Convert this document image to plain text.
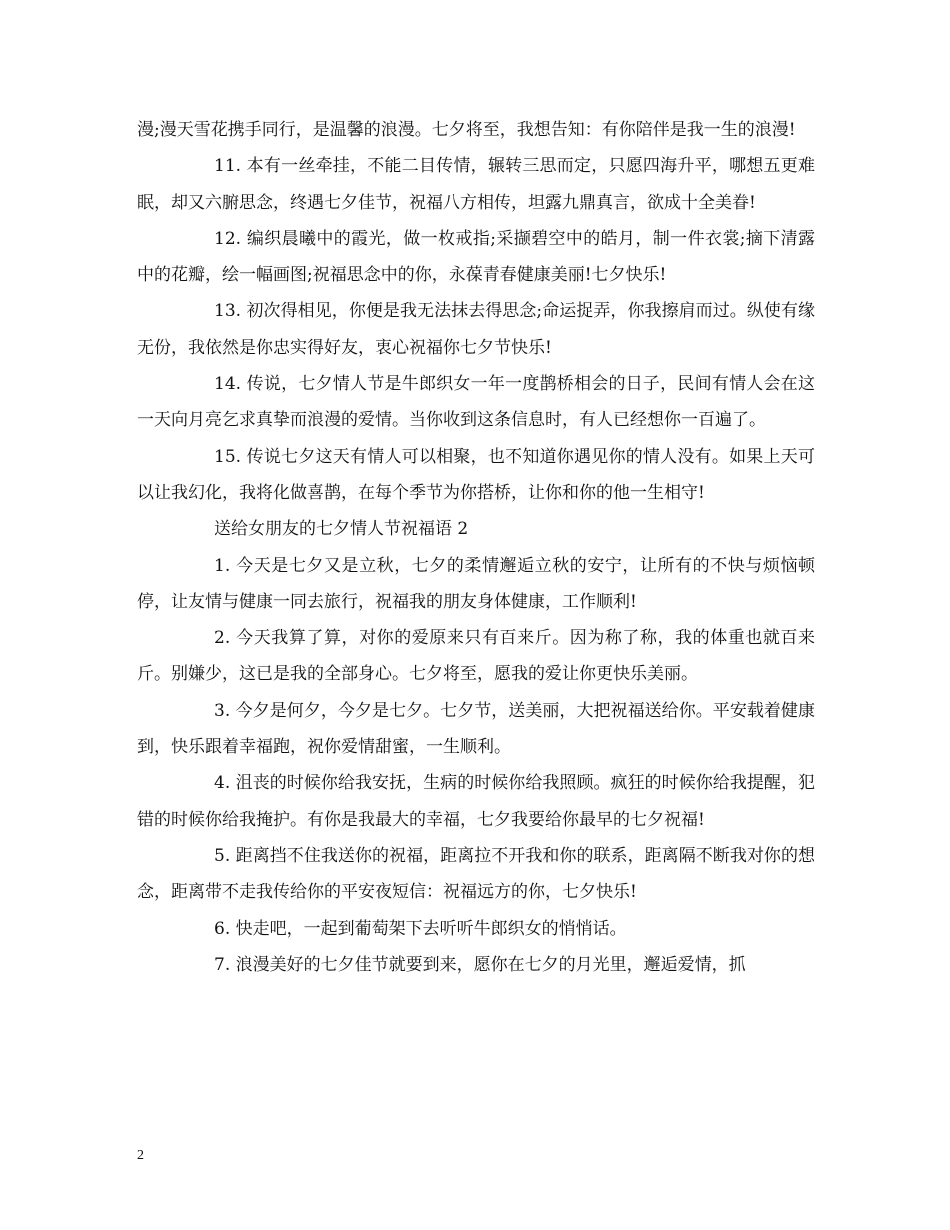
漫;漫天雪花携手同行，是温馨的浪漫。七夕将至，我想告知：有你陪伴是我一生的浪漫!

11. 本有一丝牵挂，不能二目传情，辗转三思而定，只愿四海升平，哪想五更难眠，却又六腑思念，终遇七夕佳节，祝福八方相传，坦露九鼎真言，欲成十全美眷!

12. 编织晨曦中的霞光，做一枚戒指;采撷碧空中的皓月，制一件衣裳;摘下清露中的花瓣，绘一幅画图;祝福思念中的你，永葆青春健康美丽!七夕快乐!

13. 初次得相见，你便是我无法抹去得思念;命运捉弄，你我擦肩而过。纵使有缘无份，我依然是你忠实得好友，衷心祝福你七夕节快乐!

14. 传说，七夕情人节是牛郎织女一年一度鹊桥相会的日子，民间有情人会在这一天向月亮乞求真挚而浪漫的爱情。当你收到这条信息时，有人已经想你一百遍了。

15. 传说七夕这天有情人可以相聚，也不知道你遇见你的情人没有。如果上天可以让我幻化，我将化做喜鹊，在每个季节为你搭桥，让你和你的他一生相守!

送给女朋友的七夕情人节祝福语 2

1. 今天是七夕又是立秋，七夕的柔情邂逅立秋的安宁，让所有的不快与烦恼顿停，让友情与健康一同去旅行，祝福我的朋友身体健康，工作顺利!

2. 今天我算了算，对你的爱原来只有百来斤。因为称了称，我的体重也就百来斤。别嫌少，这已是我的全部身心。七夕将至，愿我的爱让你更快乐美丽。

3. 今夕是何夕，今夕是七夕。七夕节，送美丽，大把祝福送给你。平安载着健康到，快乐跟着幸福跑，祝你爱情甜蜜，一生顺利。

4. 沮丧的时候你给我安抚，生病的时候你给我照顾。疯狂的时候你给我提醒，犯错的时候你给我掩护。有你是我最大的幸福，七夕我要给你最早的七夕祝福!

5. 距离挡不住我送你的祝福，距离拉不开我和你的联系，距离隔不断我对你的想念，距离带不走我传给你的平安夜短信：祝福远方的你，七夕快乐!

6. 快走吧，一起到葡萄架下去听听牛郎织女的悄悄话。

7. 浪漫美好的七夕佳节就要到来，愿你在七夕的月光里，邂逅爱情，抓

2
